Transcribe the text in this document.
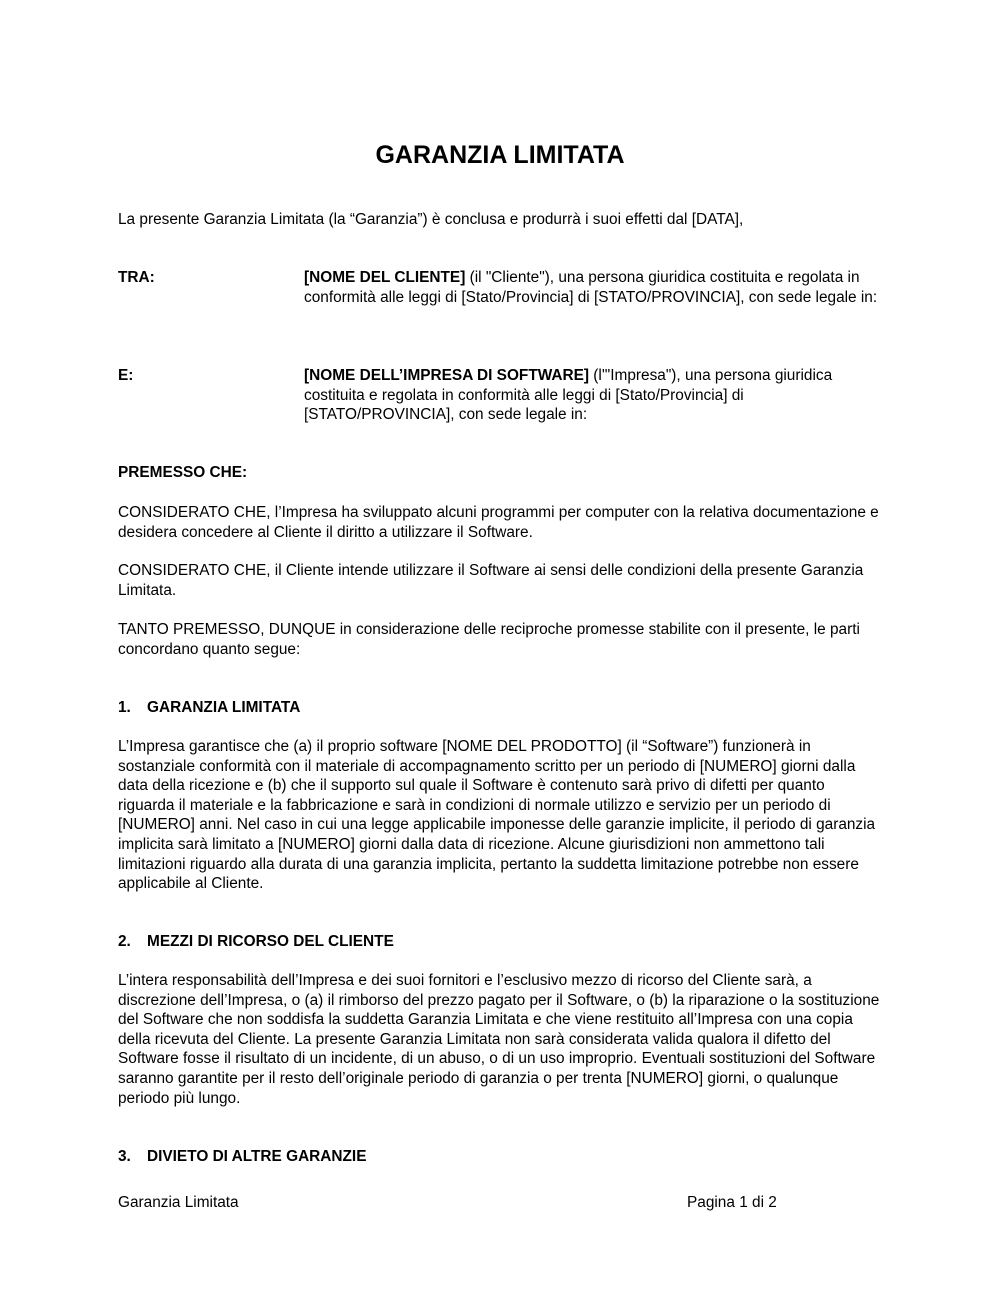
GARANZIA LIMITATA

La presente Garanzia Limitata (la “Garanzia”) è conclusa e produrrà i suoi effetti dal [DATA],

TRA:	[NOME DEL CLIENTE] (il "Cliente"), una persona giuridica costituita e regolata in conformità alle leggi di [Stato/Provincia] di [STATO/PROVINCIA], con sede legale in:

E:	[NOME DELL’IMPRESA DI SOFTWARE] (l'"Impresa"), una persona giuridica costituita e regolata in conformità alle leggi di [Stato/Provincia] di [STATO/PROVINCIA], con sede legale in:

PREMESSO CHE:

CONSIDERATO CHE, l’Impresa ha sviluppato alcuni programmi per computer con la relativa documentazione e desidera concedere al Cliente il diritto a utilizzare il Software.

CONSIDERATO CHE, il Cliente intende utilizzare il Software ai sensi delle condizioni della presente Garanzia Limitata.

TANTO PREMESSO, DUNQUE in considerazione delle reciproche promesse stabilite con il presente, le parti concordano quanto segue:

1. GARANZIA LIMITATA

L’Impresa garantisce che (a) il proprio software [NOME DEL PRODOTTO] (il “Software”) funzionerà in sostanziale conformità con il materiale di accompagnamento scritto per un periodo di [NUMERO] giorni dalla data della ricezione e (b) che il supporto sul quale il Software è contenuto sarà privo di difetti per quanto riguarda il materiale e la fabbricazione e sarà in condizioni di normale utilizzo e servizio per un periodo di [NUMERO] anni. Nel caso in cui una legge applicabile imponesse delle garanzie implicite, il periodo di garanzia implicita sarà limitato a [NUMERO] giorni dalla data di ricezione. Alcune giurisdizioni non ammettono tali limitazioni riguardo alla durata di una garanzia implicita, pertanto la suddetta limitazione potrebbe non essere applicabile al Cliente.

2. MEZZI DI RICORSO DEL CLIENTE

L’intera responsabilità dell’Impresa e dei suoi fornitori e l’esclusivo mezzo di ricorso del Cliente sarà, a discrezione dell’Impresa, o (a) il rimborso del prezzo pagato per il Software, o (b) la riparazione o la sostituzione del Software che non soddisfa la suddetta Garanzia Limitata e che viene restituito all’Impresa con una copia della ricevuta del Cliente. La presente Garanzia Limitata non sarà considerata valida qualora il difetto del Software fosse il risultato di un incidente, di un abuso, o di un uso improprio. Eventuali sostituzioni del Software saranno garantite per il resto dell’originale periodo di garanzia o per trenta [NUMERO] giorni, o qualunque periodo più lungo.

3. DIVIETO DI ALTRE GARANZIE
Garanzia Limitata	Pagina 1 di 2
